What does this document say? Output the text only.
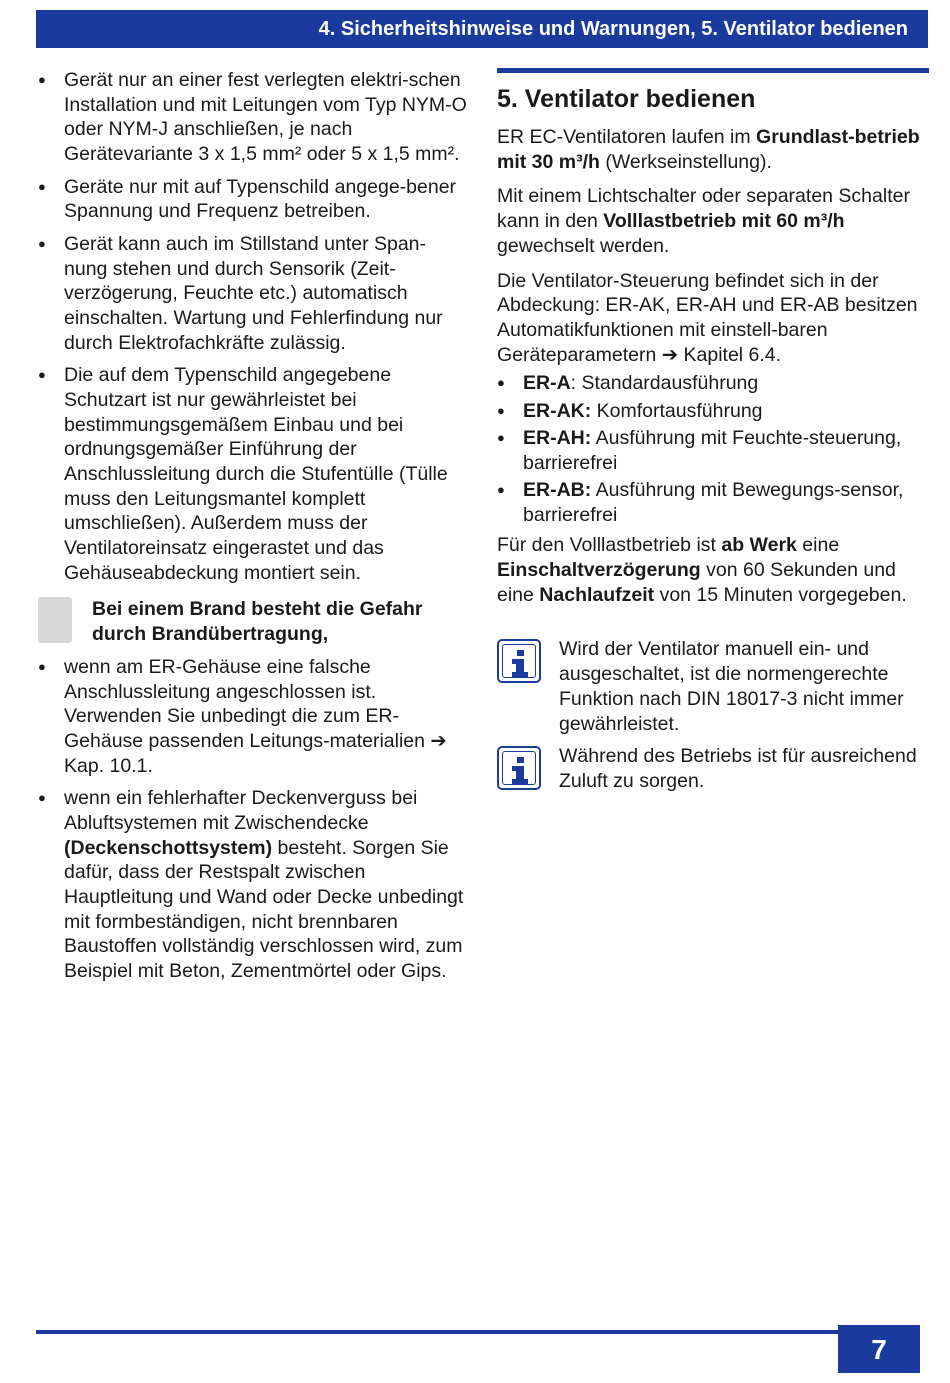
4. Sicherheitshinweise und Warnungen, 5. Ventilator bedienen
● Gerät nur an einer fest verlegten elektri-schen Installation und mit Leitungen vom Typ NYM-O oder NYM-J anschließen, je nach Gerätevariante 3 x 1,5 mm² oder 5 x 1,5 mm².
● Geräte nur mit auf Typenschild angege-bener Spannung und Frequenz betreiben.
● Gerät kann auch im Stillstand unter Span-nung stehen und durch Sensorik (Zeit-verzögerung, Feuchte etc.) automatisch einschalten. Wartung und Fehlerfindung nur durch Elektrofachkräfte zulässig.
● Die auf dem Typenschild angegebene Schutzart ist nur gewährleistet bei bestimmungsgemäßem Einbau und bei ordnungsgemäßer Einführung der Anschlussleitung durch die Stufentülle (Tülle muss den Leitungsmantel komplett umschließen). Außerdem muss der Ventilatoreinsatz eingerastet und das Gehäuseabdeckung montiert sein.
Bei einem Brand besteht die Gefahr durch Brandübertragung,
● wenn am ER-Gehäuse eine falsche Anschlussleitung angeschlossen ist. Verwenden Sie unbedingt die zum ER-Gehäuse passenden Leitungs-materialien ➔ Kap. 10.1.
● wenn ein fehlerhafter Deckenverguss bei Abluftsystemen mit Zwischendecke (Deckenschottsystem) besteht. Sorgen Sie dafür, dass der Restspalt zwischen Hauptleitung und Wand oder Decke unbedingt mit formbeständigen, nicht brennbaren Baustoffen vollständig verschlossen wird, zum Beispiel mit Beton, Zementmörtel oder Gips.
5. Ventilator bedienen

ER EC-Ventilatoren laufen im Grundlast-betrieb mit 30 m³/h (Werkseinstellung).

Mit einem Lichtschalter oder separaten Schalter kann in den Volllastbetrieb mit 60 m³/h gewechselt werden.

Die Ventilator-Steuerung befindet sich in der Abdeckung: ER-AK, ER-AH und ER-AB besitzen Automatikfunktionen mit einstell-baren Geräteparametern ➔ Kapitel 6.4.

● ER-A: Standardausführung
● ER-AK: Komfortausführung
● ER-AH: Ausführung mit Feuchte-steuerung, barrierefrei
● ER-AB: Ausführung mit Bewegungs-sensor, barrierefrei

Für den Volllastbetrieb ist ab Werk eine Einschaltverzögerung von 60 Sekunden und eine Nachlaufzeit von 15 Minuten vorgegeben.

Wird der Ventilator manuell ein- und ausgeschaltet, ist die normengerechte Funktion nach DIN 18017-3 nicht immer gewährleistet.
Während des Betriebs ist für ausreichend Zuluft zu sorgen.
7
